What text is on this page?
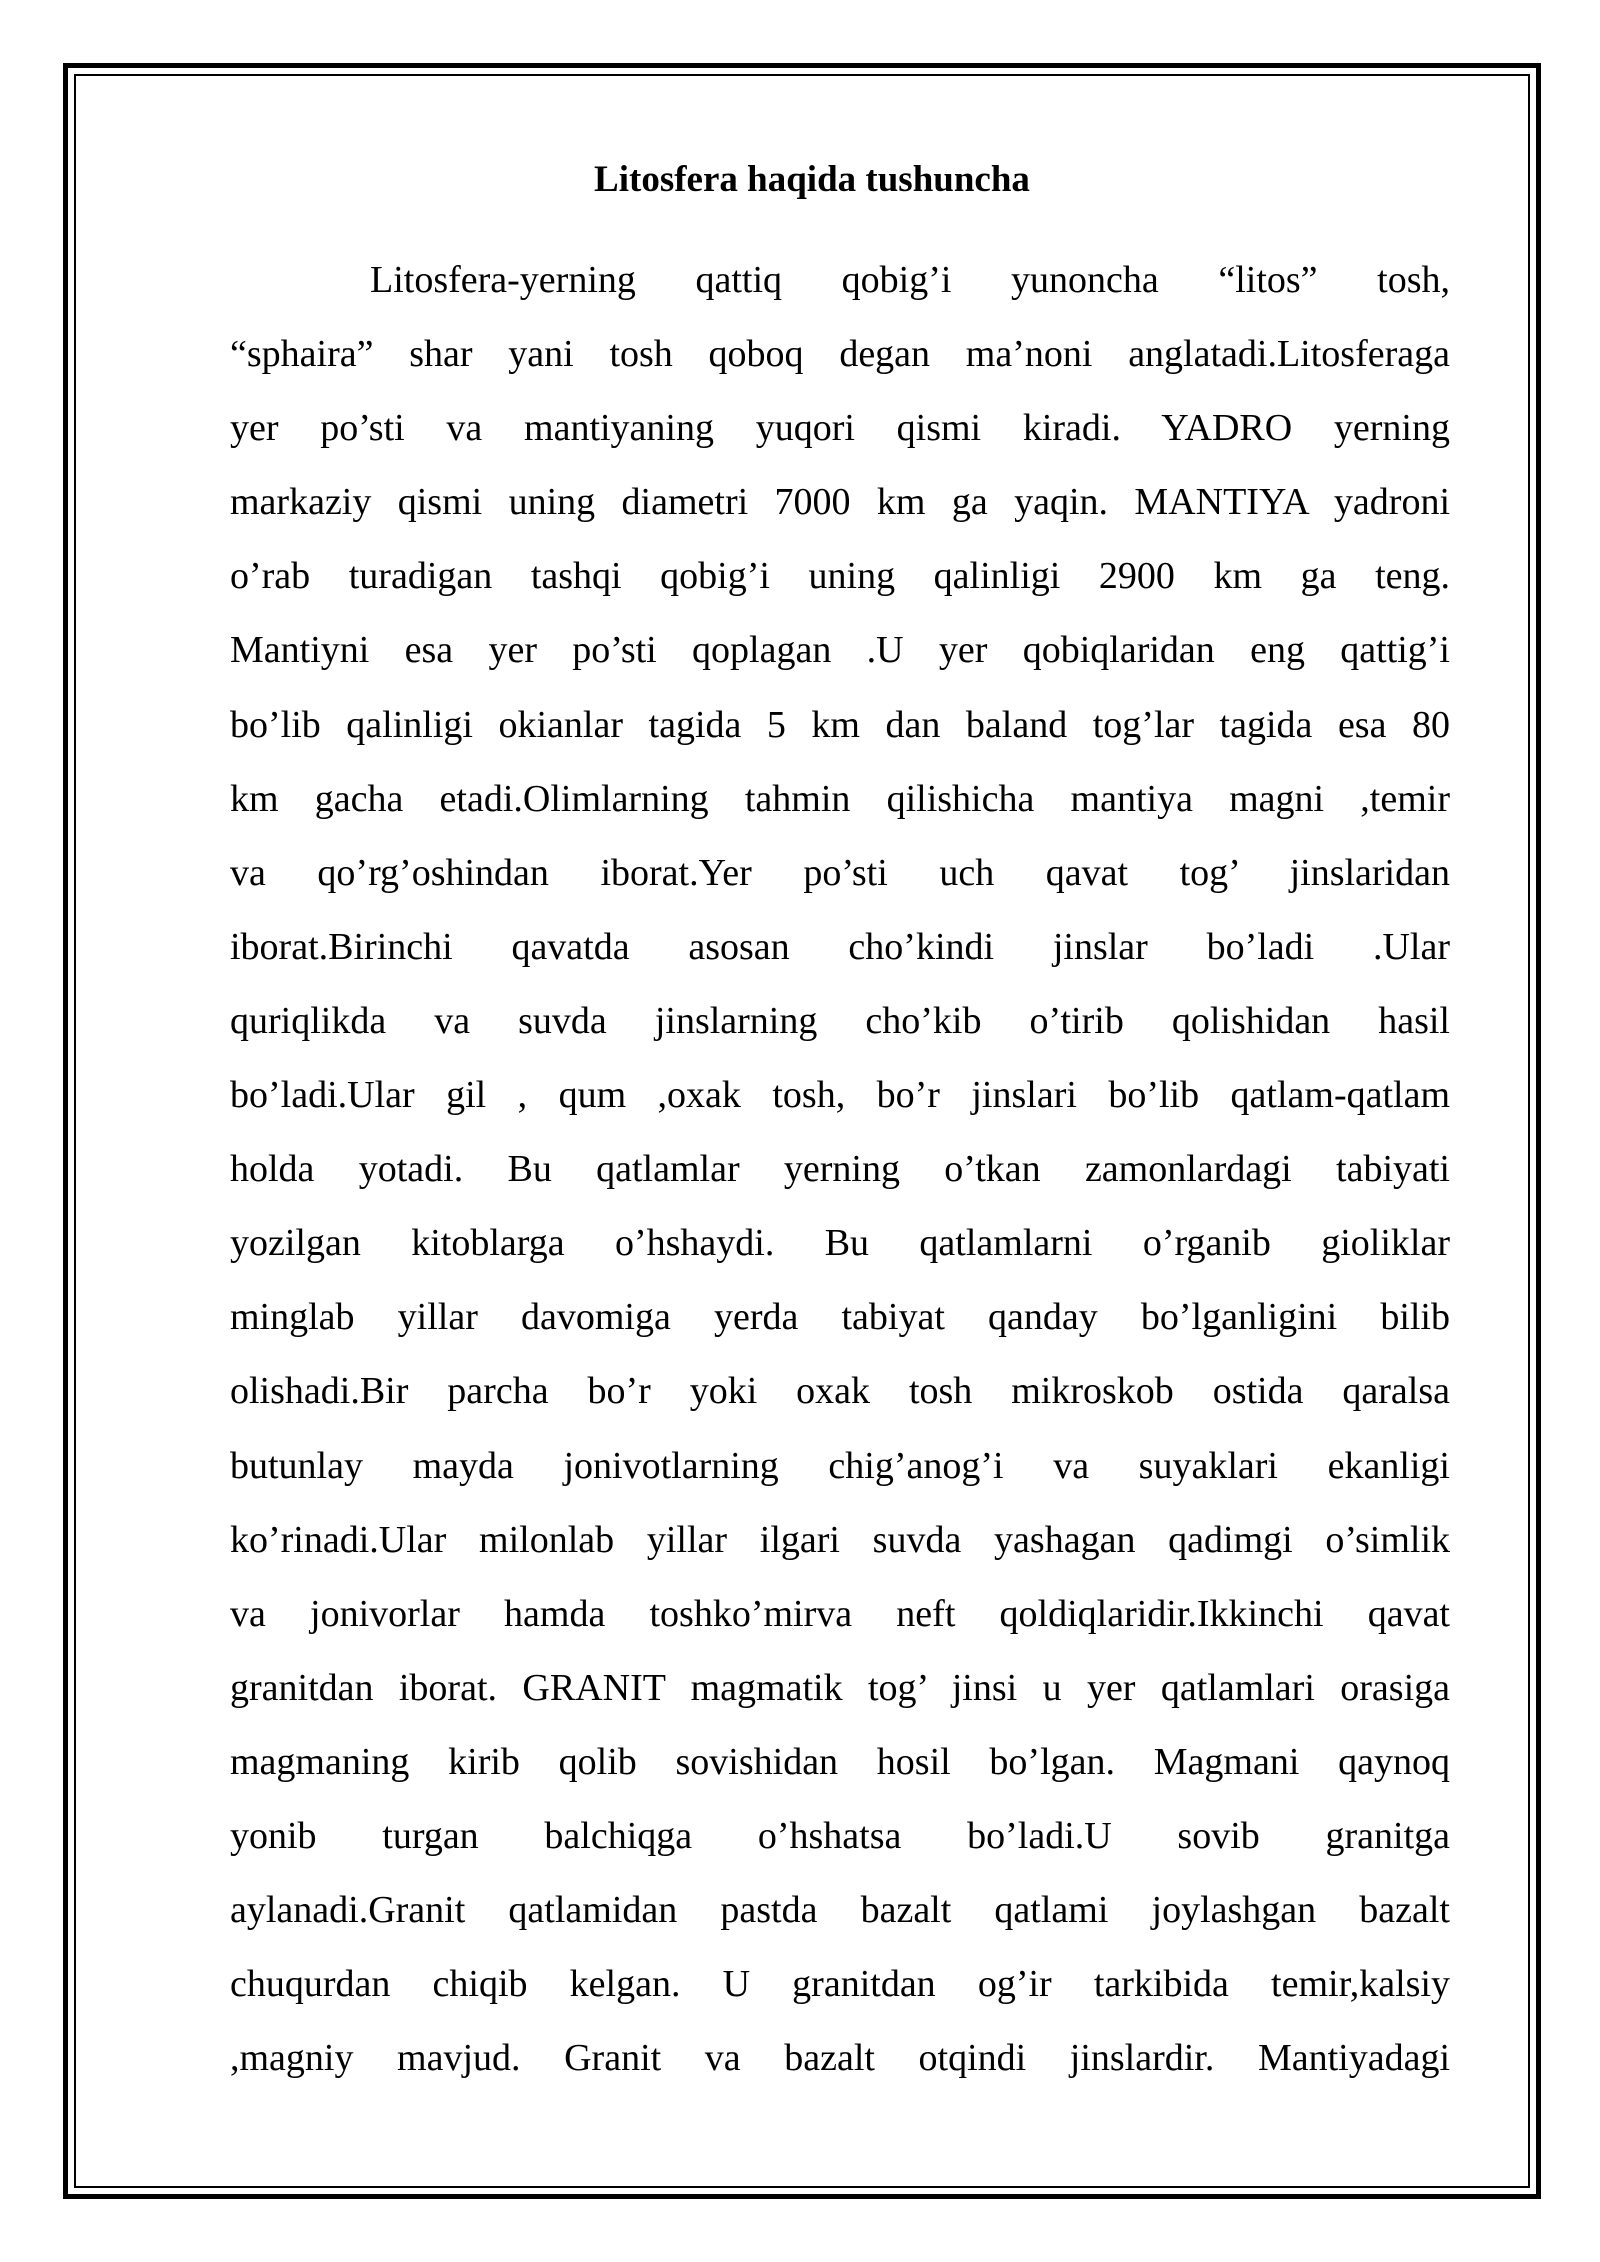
Litosfera haqida tushuncha
Litosfera-yerning qattiq qobig’i yunoncha “litos” tosh,
“sphaira” shar yani tosh qoboq degan ma’noni anglatadi.Litosferaga
yer po’sti va mantiyaning yuqori qismi kiradi. YADRO yerning
markaziy qismi uning diametri 7000 km ga yaqin. MANTIYA yadroni
o’rab turadigan tashqi qobig’i uning qalinligi 2900 km ga teng.
Mantiyni esa yer po’sti qoplagan .U yer qobiqlaridan eng qattig’i
bo’lib qalinligi okianlar tagida 5 km dan baland tog’lar tagida esa 80
km gacha etadi.Olimlarning tahmin qilishicha mantiya magni ,temir
va qo’rg’oshindan iborat.Yer po’sti uch qavat tog’ jinslaridan
iborat.Birinchi qavatda asosan cho’kindi jinslar bo’ladi .Ular
quriqlikda va suvda jinslarning cho’kib o’tirib qolishidan hasil
bo’ladi.Ular gil , qum ,oxak tosh, bo’r jinslari bo’lib qatlam-qatlam
holda yotadi. Bu qatlamlar yerning o’tkan zamonlardagi tabiyati
yozilgan kitoblarga o’hshaydi. Bu qatlamlarni o’rganib gioliklar
minglab yillar davomiga yerda tabiyat qanday bo’lganligini bilib
olishadi.Bir parcha bo’r yoki oxak tosh mikroskob ostida qaralsa
butunlay mayda jonivotlarning chig’anog’i va suyaklari ekanligi
ko’rinadi.Ular milonlab yillar ilgari suvda yashagan qadimgi o’simlik
va jonivorlar hamda toshko’mirva neft qoldiqlaridir.Ikkinchi qavat
granitdan iborat. GRANIT magmatik tog’ jinsi u yer qatlamlari orasiga
magmaning kirib qolib sovishidan hosil bo’lgan. Magmani qaynoq
yonib turgan balchiqga o’hshatsa bo’ladi.U sovib granitga
aylanadi.Granit qatlamidan pastda bazalt qatlami joylashgan bazalt
chuqurdan chiqib kelgan. U granitdan og’ir tarkibida temir,kalsiy
,magniy mavjud. Granit va bazalt otqindi jinslardir. Mantiyadagi
